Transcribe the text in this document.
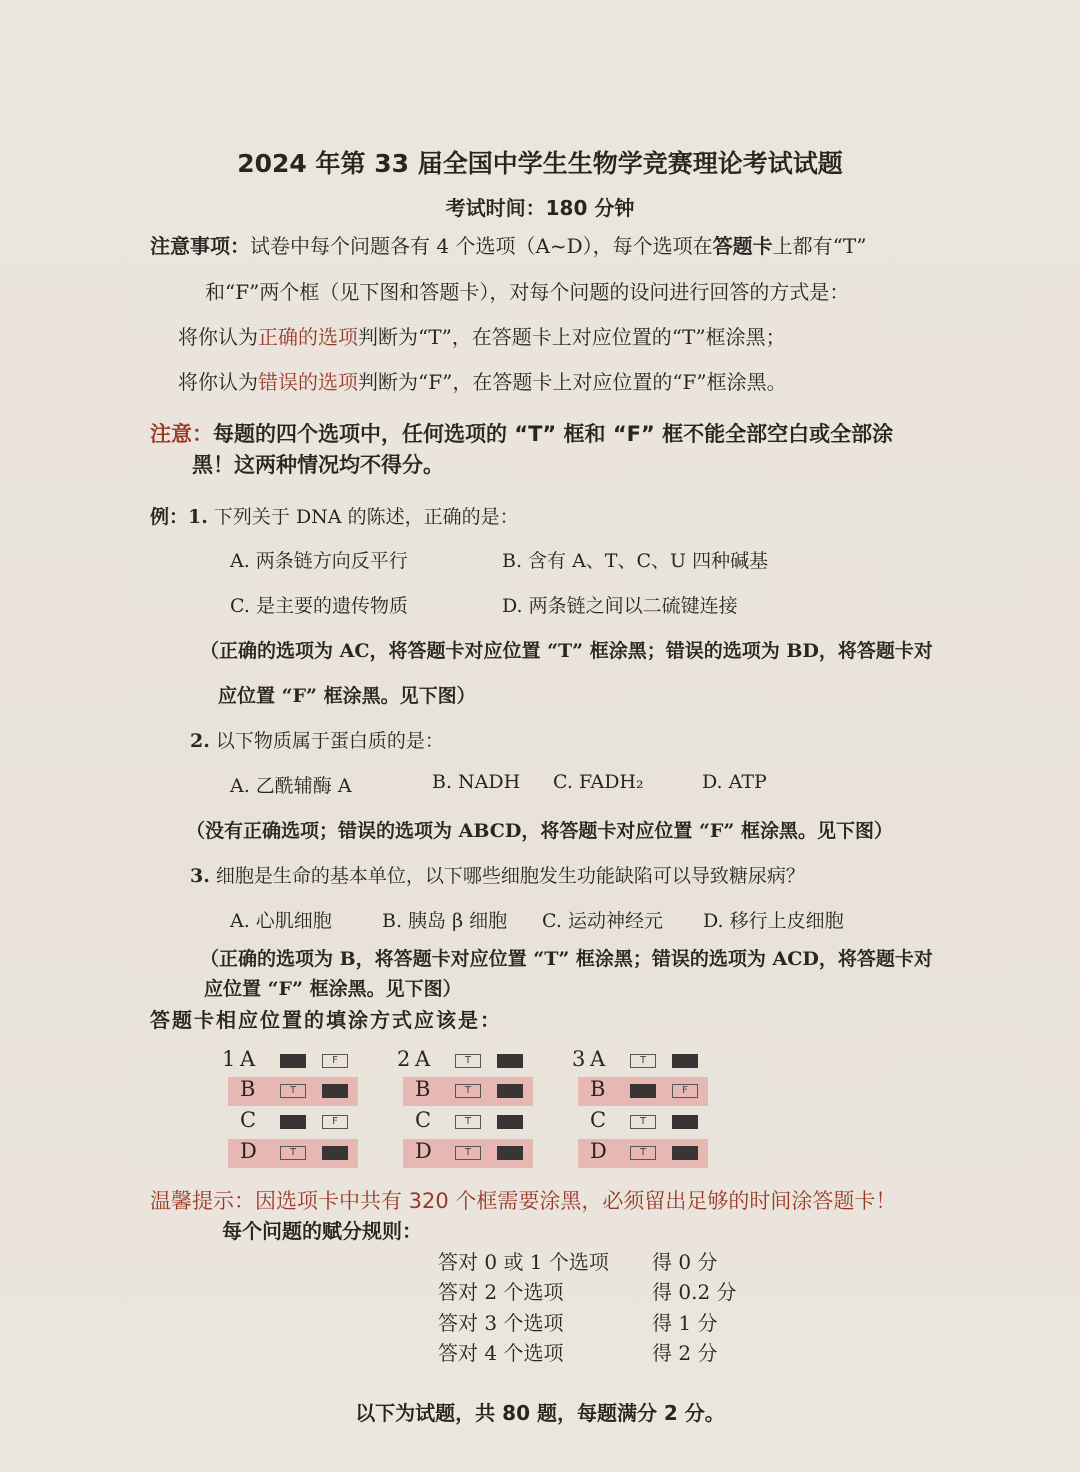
2024 年第 33 届全国中学生生物学竞赛理论考试试题
考试时间：180 分钟
注意事项：试卷中每个问题各有 4 个选项（A~D），每个选项在答题卡上都有“T”
和“F”两个框（见下图和答题卡），对每个问题的设问进行回答的方式是：
将你认为正确的选项判断为“T”，在答题卡上对应位置的“T”框涂黑；
将你认为错误的选项判断为“F”，在答题卡上对应位置的“F”框涂黑。
注意：每题的四个选项中，任何选项的 “T” 框和 “F” 框不能全部空白或全部涂
黑！这两种情况均不得分。
例：1. 下列关于 DNA 的陈述，正确的是：
A. 两条链方向反平行	B. 含有 A、T、C、U 四种碱基
C. 是主要的遗传物质	D. 两条链之间以二硫键连接
（正确的选项为 AC，将答题卡对应位置 “T” 框涂黑；错误的选项为 BD，将答题卡对
应位置 “F” 框涂黑。见下图）
2. 以下物质属于蛋白质的是：
A. 乙酰辅酶 A	B. NADH C. FADH₂	D. ATP
（没有正确选项；错误的选项为 ABCD，将答题卡对应位置 “F” 框涂黑。见下图）
3. 细胞是生命的基本单位，以下哪些细胞发生功能缺陷可以导致糖尿病？
A. 心肌细胞	B. 胰岛 β 细胞 C. 运动神经元 D. 移行上皮细胞
（正确的选项为 B，将答题卡对应位置 “T” 框涂黑；错误的选项为 ACD，将答题卡对
应位置 “F” 框涂黑。见下图）
答题卡相应位置的填涂方式应该是：
1 A	F
B	T
C	F
D	T
2 A	T
B	T
C	T
D	T
3 A	T
B	F
C	T
D	T
温馨提示：因选项卡中共有 320 个框需要涂黑，必须留出足够的时间涂答题卡！
每个问题的赋分规则：
答对 0 或 1 个选项 得 0 分
答对 2 个选项	得 0.2 分
答对 3 个选项	得 1 分
答对 4 个选项	得 2 分
以下为试题，共 80 题，每题满分 2 分。
